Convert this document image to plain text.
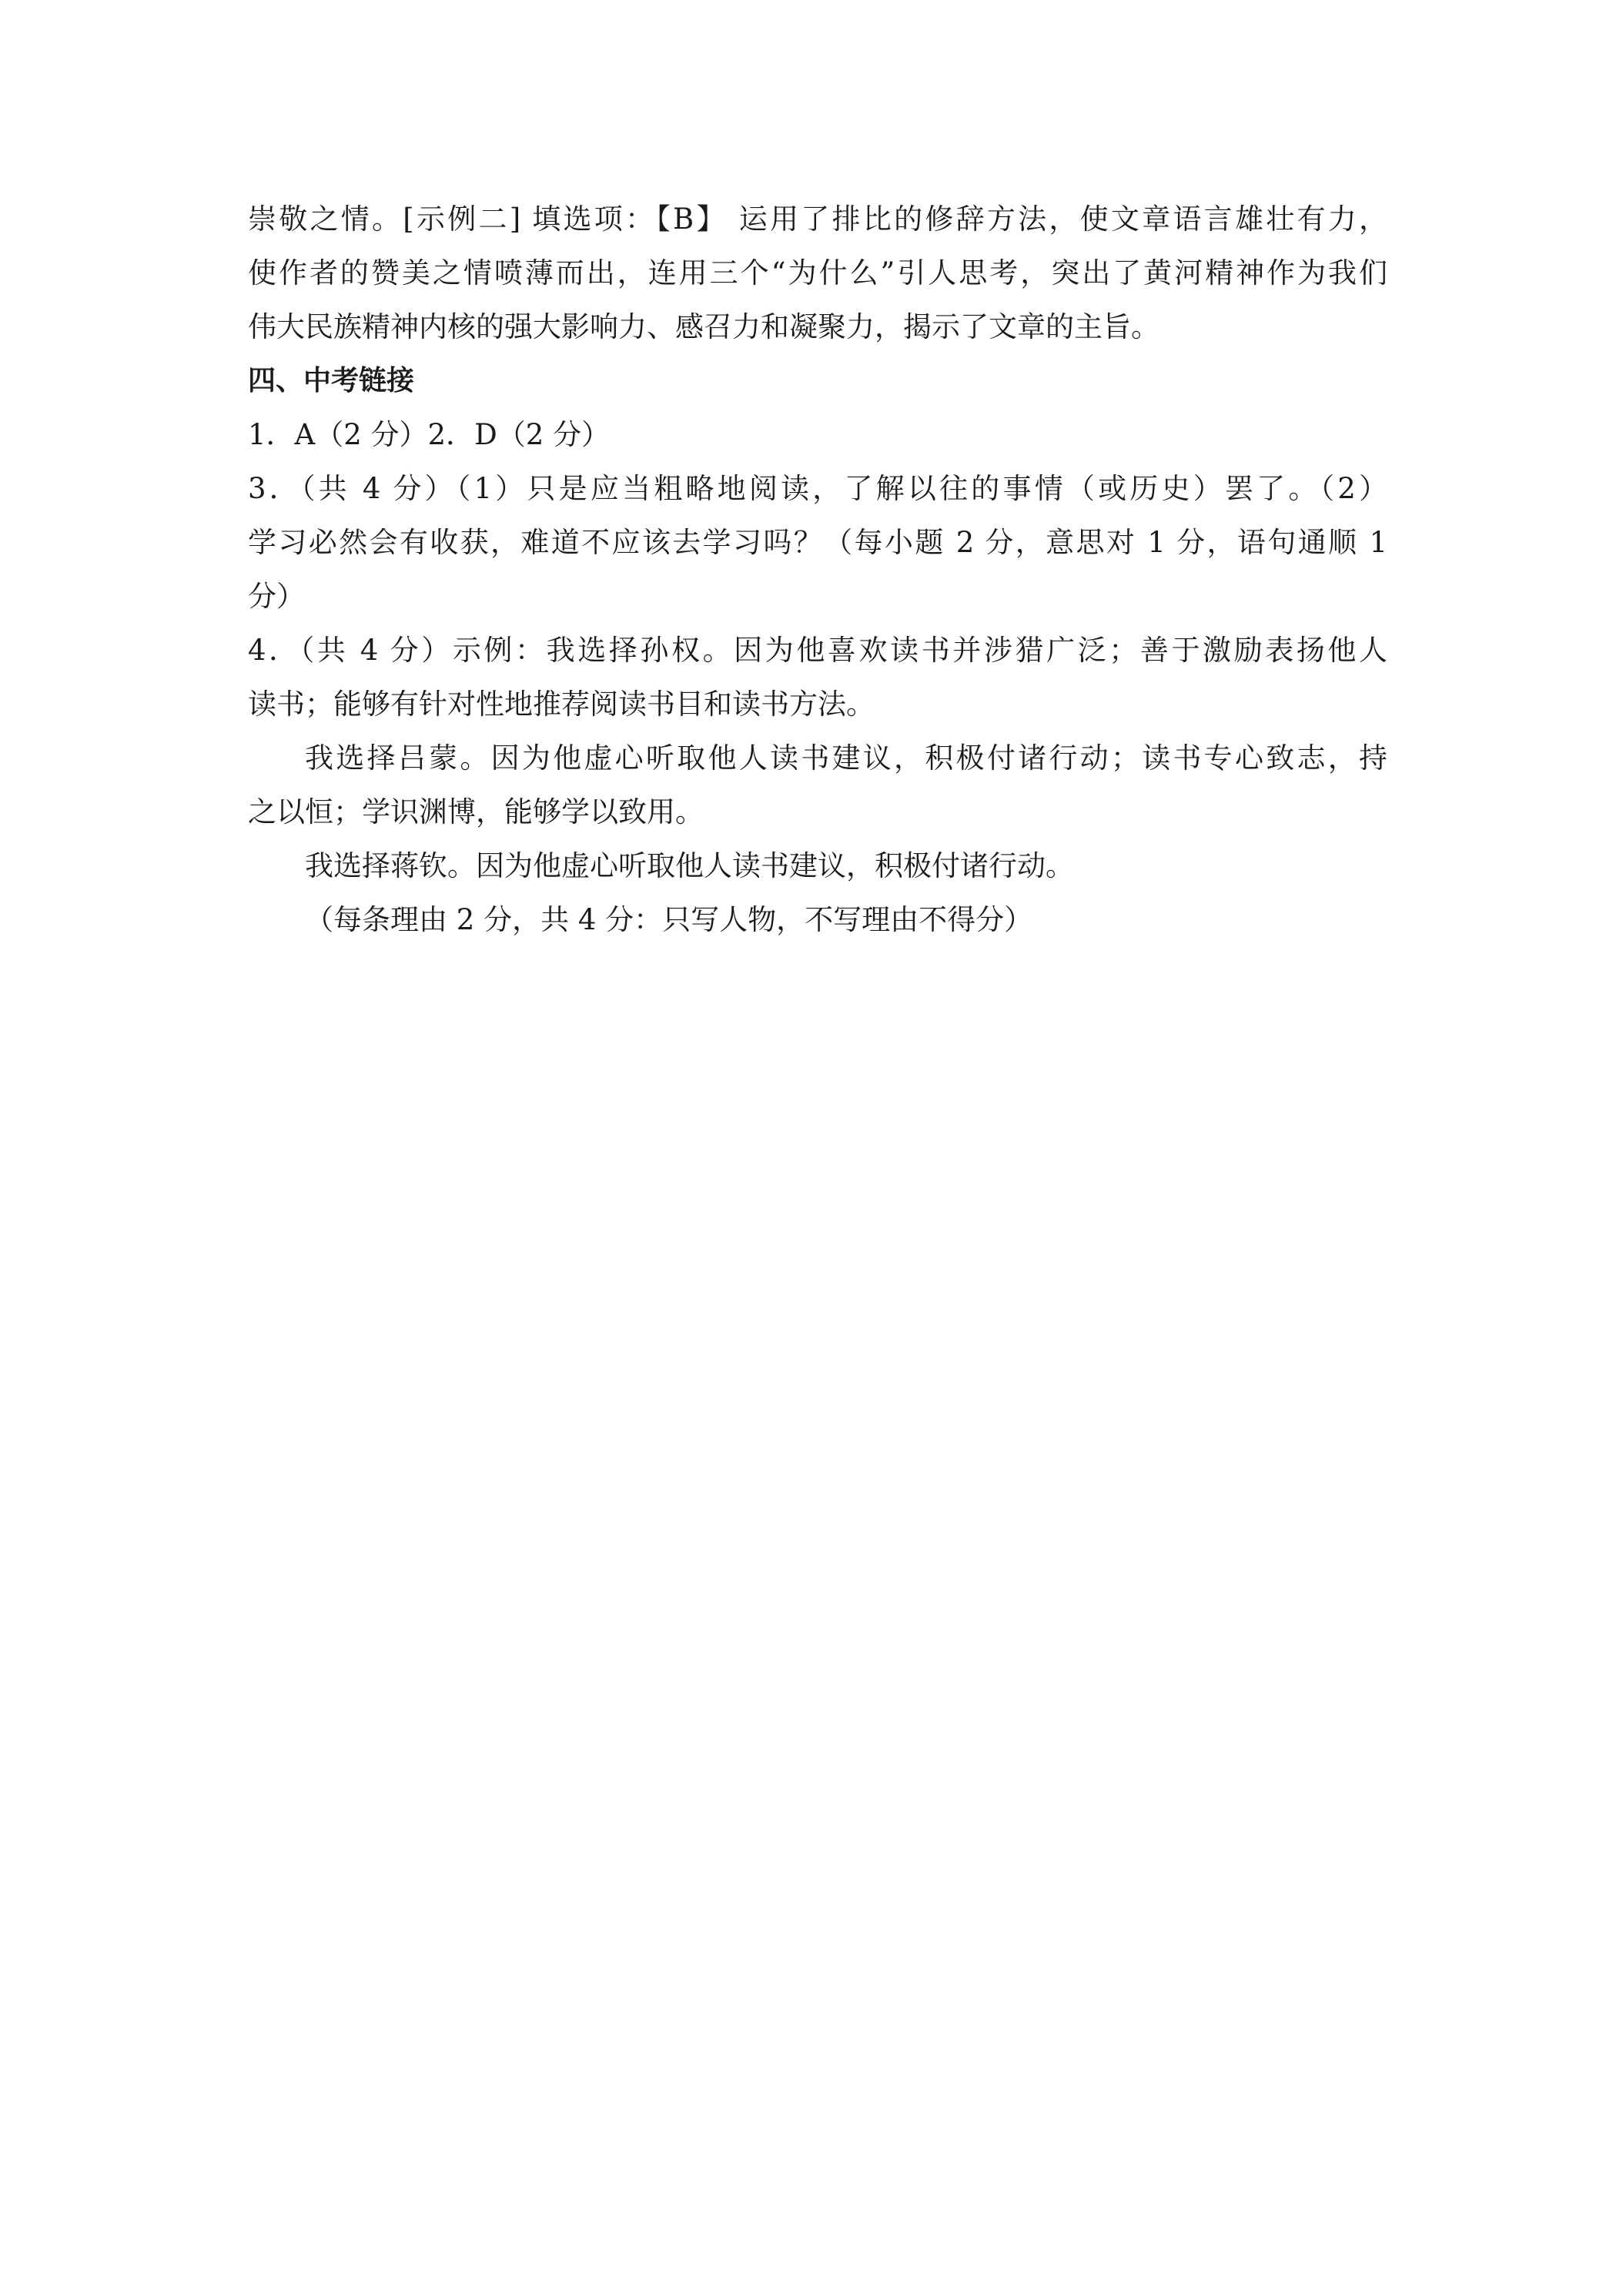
崇敬之情。[示例二] 填选项：【B】 运用了排比的修辞方法，使文章语言雄壮有力，
使作者的赞美之情喷薄而出，连用三个“为什么”引人思考，突出了黄河精神作为我们
伟大民族精神内核的强大影响力、感召力和凝聚力，揭示了文章的主旨。
四、中考链接
1．A（2 分）2．D（2 分）
3．（共 4 分）（1）只是应当粗略地阅读，了解以往的事情（或历史）罢了。（2）
学习必然会有收获，难道不应该去学习吗？（每小题 2 分，意思对 1 分，语句通顺 1
分）
4．（共 4 分）示例：我选择孙权。因为他喜欢读书并涉猎广泛；善于激励表扬他人
读书；能够有针对性地推荐阅读书目和读书方法。
我选择吕蒙。因为他虚心听取他人读书建议，积极付诸行动；读书专心致志，持
之以恒；学识渊博，能够学以致用。
我选择蒋钦。因为他虚心听取他人读书建议，积极付诸行动。
（每条理由 2 分，共 4 分：只写人物，不写理由不得分）
